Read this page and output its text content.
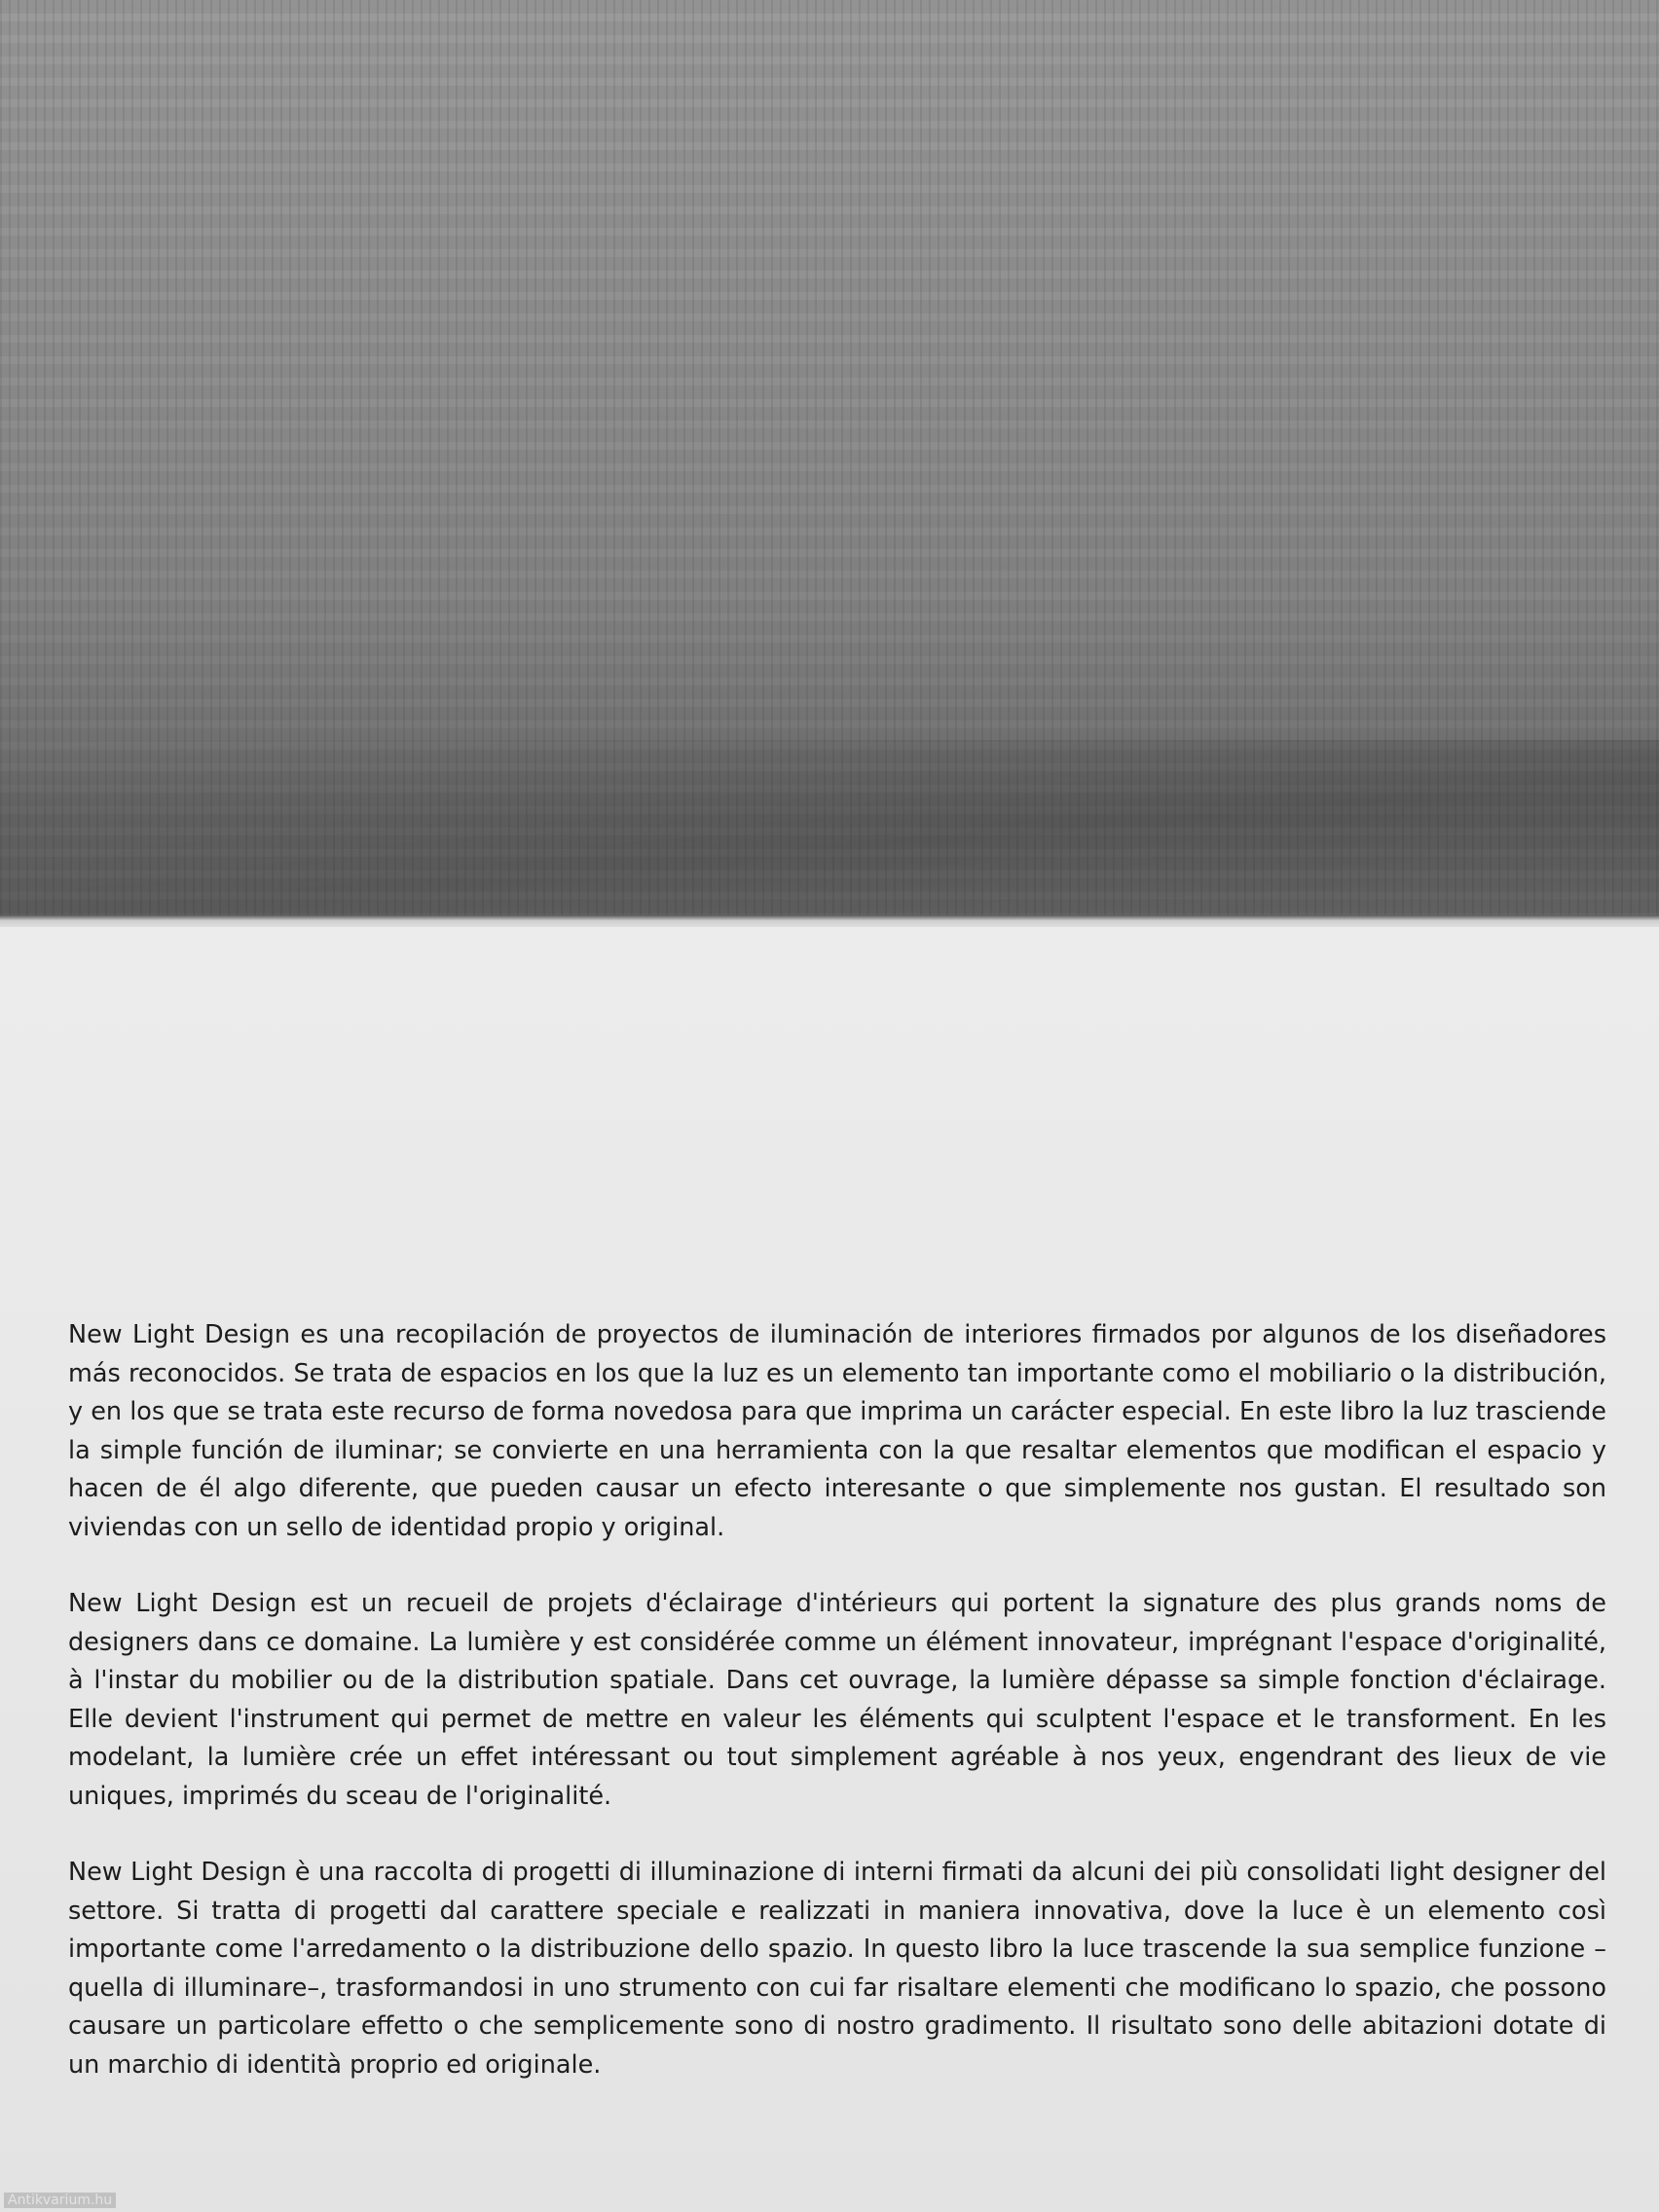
New Light Design es una recopilación de proyectos de iluminación de interiores firmados por algunos de los diseñadores más reconocidos. Se trata de espacios en los que la luz es un elemento tan importante como el mobiliario o la distribución, y en los que se trata este recurso de forma novedosa para que imprima un carácter especial. En este libro la luz trasciende la simple función de iluminar; se convierte en una herramienta con la que resaltar elementos que modifican el espacio y hacen de él algo diferente, que pueden causar un efecto interesante o que simplemente nos gustan. El resultado son viviendas con un sello de identidad propio y original.

New Light Design est un recueil de projets d'éclairage d'intérieurs qui portent la signature des plus grands noms de designers dans ce domaine. La lumière y est considérée comme un élément innovateur, imprégnant l'espace d'originalité, à l'instar du mobilier ou de la distribution spatiale. Dans cet ouvrage, la lumière dépasse sa simple fonction d'éclairage. Elle devient l'instrument qui permet de mettre en valeur les éléments qui sculptent l'espace et le transforment. En les modelant, la lumière crée un effet intéressant ou tout simplement agréable à nos yeux, engendrant des lieux de vie uniques, imprimés du sceau de l'originalité.

New Light Design è una raccolta di progetti di illuminazione di interni firmati da alcuni dei più consolidati light designer del settore. Si tratta di progetti dal carattere speciale e realizzati in maniera innovativa, dove la luce è un elemento così importante come l'arredamento o la distribuzione dello spazio. In questo libro la luce trascende la sua semplice funzione –quella di illuminare–, trasformandosi in uno strumento con cui far risaltare elementi che modificano lo spazio, che possono causare un particolare effetto o che semplicemente sono di nostro gradimento. Il risultato sono delle abitazioni dotate di un marchio di identità proprio ed originale.

Antikvarium.hu
